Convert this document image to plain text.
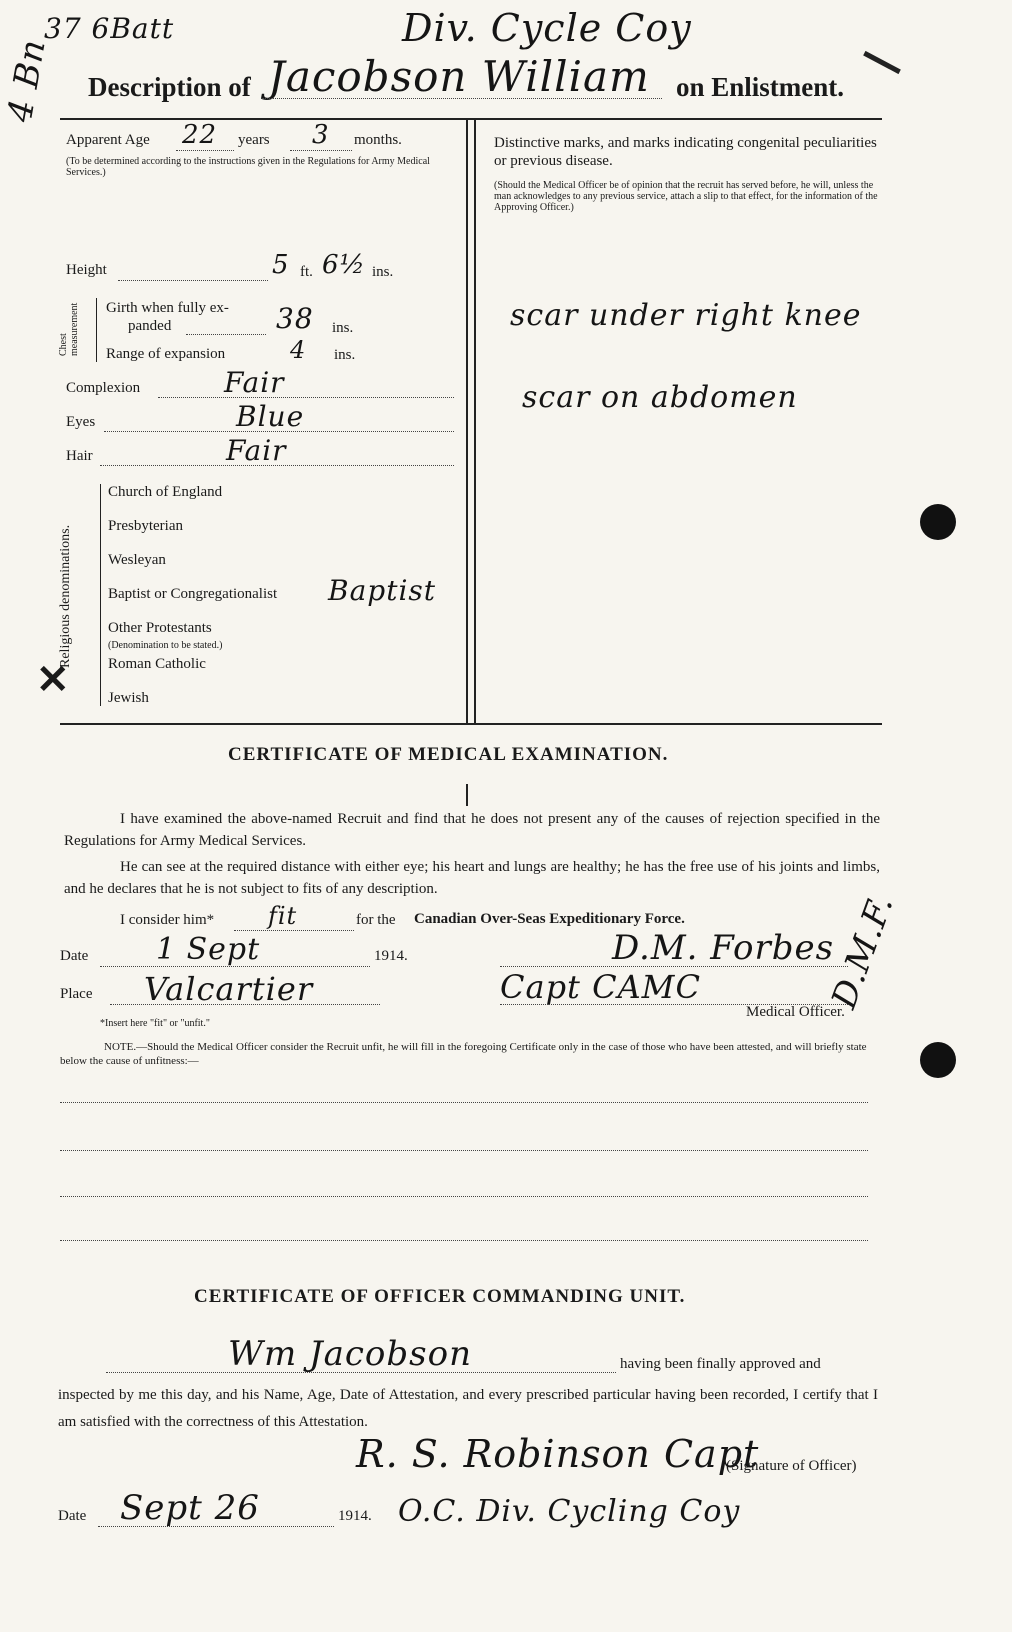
37 6Batt	Div. Cycle Coy
4 Bn Description of Jacobson William on Enlistment.
Apparent Age 22 years 3 months.
(To be determined according to the instructions given in the Regulations for Army Medical Services.)
Height	5 ft. 6½ ins.
Chest measurement Girth when fully ex-
panded	38 ins.
Range of expansion	4 ins.
Complexion	Fair
Eyes	Blue
Hair	Fair
Religious denominations.
Church of England
Presbyterian
Wesleyan
Baptist or Congregationalist Baptist
Other Protestants
(Denomination to be stated.)
Roman Catholic
Jewish
✕
Distinctive marks, and marks indicating congenital peculiarities or previous disease.
(Should the Medical Officer be of opinion that the recruit has served before, he will, unless the man acknowledges to any previous service, attach a slip to that effect, for the information of the Approving Officer.)
scar under right knee
scar on abdomen
CERTIFICATE OF MEDICAL EXAMINATION.
I have examined the above-named Recruit and find that he does not present any of the causes of rejection specified in the Regulations for Army Medical Services.
He can see at the required distance with either eye; his heart and lungs are healthy; he has the free use of his joints and limbs, and he declares that he is not subject to fits of any description.
I consider him* fit	for the Canadian Over-Seas Expeditionary Force.
Date 1 Sept	1914.	D.M. Forbes
Place Valcartier	Capt CAMC
Medical Officer.
*Insert here "fit" or "unfit."
NOTE.—Should the Medical Officer consider the Recruit unfit, he will fill in the foregoing Certificate only in the case of those who have been attested, and will briefly state below the cause of unfitness:—
D.M.F.
CERTIFICATE OF OFFICER COMMANDING UNIT.
Wm Jacobson	having been finally approved and
inspected by me this day, and his Name, Age, Date of Attestation, and every prescribed particular having been recorded, I certify that I am satisfied with the correctness of this Attestation.
R. S. Robinson Capt
(Signature of Officer)
Date Sept 26	1914. O.C. Div. Cycling Coy
